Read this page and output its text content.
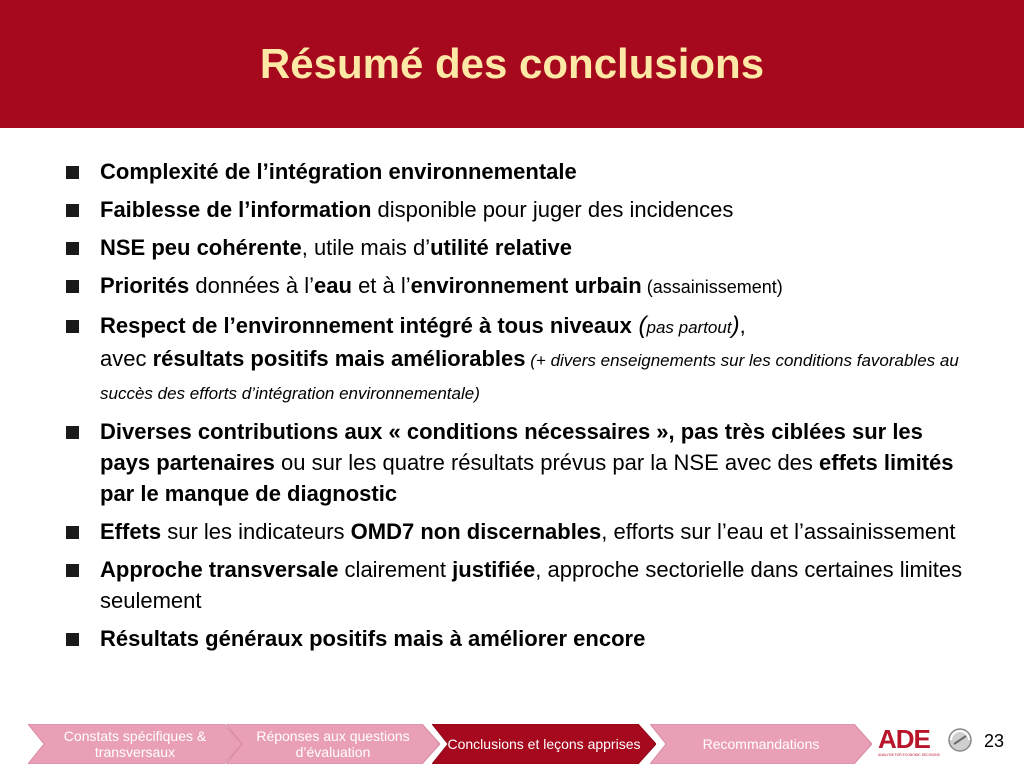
Résumé des conclusions
Complexité de l’intégration environnementale
Faiblesse de l’information disponible pour juger des incidences
NSE peu cohérente, utile mais d’utilité relative
Priorités données à l’eau et à l’environnement urbain (assainissement)
Respect de l’environnement intégré à tous niveaux (pas partout),
avec résultats positifs mais améliorables (+ divers enseignements sur les conditions favorables au succès des efforts d’intégration environnementale)
Diverses contributions aux « conditions nécessaires », pas très ciblées sur les pays partenaires ou sur les quatre résultats prévus par la NSE avec des effets limités par le manque de diagnostic
Effets sur les indicateurs OMD7 non discernables, efforts sur l’eau et l’assainissement
Approche transversale clairement justifiée, approche sectorielle dans certaines limites seulement
Résultats généraux positifs mais à améliorer encore
Constats spécifiques & transversaux
Réponses aux questions d’évaluation	Conclusions et leçons apprises	Recommandations	ADE
ANALYSIS FOR ECONOMIC DECISIONS
23
